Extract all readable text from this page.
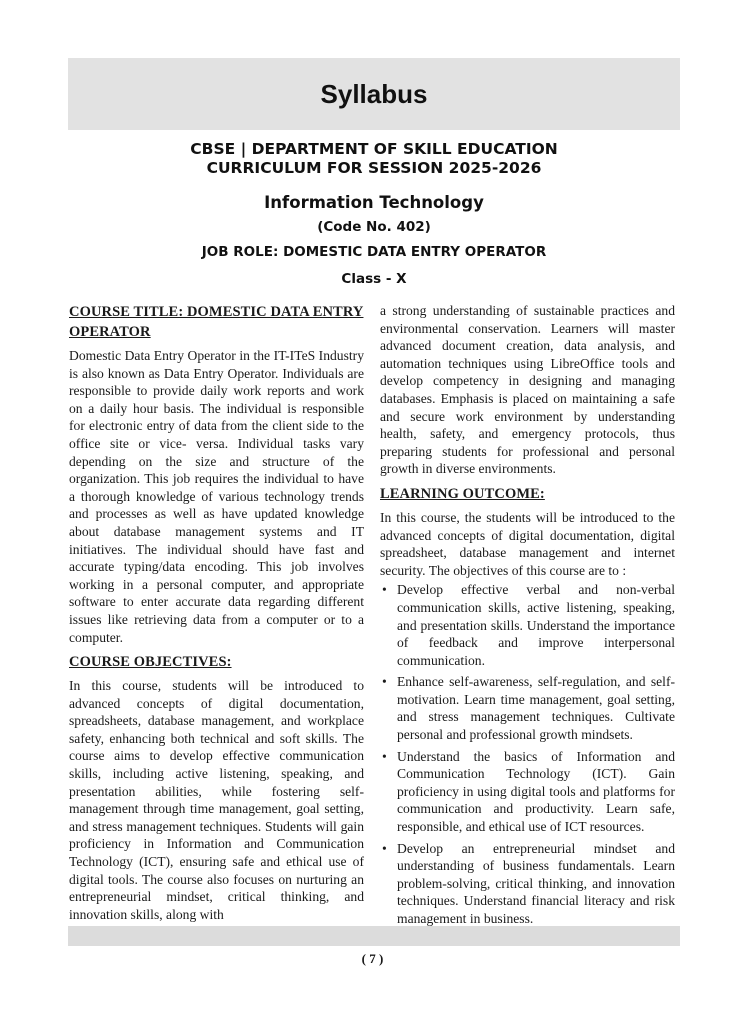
Syllabus
CBSE | DEPARTMENT OF SKILL EDUCATION
CURRICULUM FOR SESSION 2025-2026
Information Technology
(Code No. 402)
JOB ROLE: DOMESTIC DATA ENTRY OPERATOR
Class - X
COURSE TITLE: DOMESTIC DATA ENTRY OPERATOR

Domestic Data Entry Operator in the IT-ITeS Industry is also known as Data Entry Operator. Individuals are responsible to provide daily work reports and work on a daily hour basis. The individual is responsible for electronic entry of data from the client side to the office site or vice- versa. Individual tasks vary depending on the size and structure of the organization. This job requires the individual to have a thorough knowledge of various technology trends and processes as well as have updated knowledge about database management systems and IT initiatives. The individual should have fast and accurate typing/data encoding. This job involves working in a personal computer, and appropriate software to enter accurate data regarding different issues like retrieving data from a computer or to a computer.

COURSE OBJECTIVES:

In this course, students will be introduced to advanced concepts of digital documentation, spreadsheets, database management, and workplace safety, enhancing both technical and soft skills. The course aims to develop effective communication skills, including active listening, speaking, and presentation abilities, while fostering self-management through time management, goal setting, and stress management techniques. Students will gain proficiency in Information and Communication Technology (ICT), ensuring safe and ethical use of digital tools. The course also focuses on nurturing an entrepreneurial mindset, critical thinking, and innovation skills, along with

a strong understanding of sustainable practices and environmental conservation. Learners will master advanced document creation, data analysis, and automation techniques using LibreOffice tools and develop competency in designing and managing databases. Emphasis is placed on maintaining a safe and secure work environment by understanding health, safety, and emergency protocols, thus preparing students for professional and personal growth in diverse environments.

LEARNING OUTCOME:

In this course, the students will be introduced to the advanced concepts of digital documentation, digital spreadsheet, database management and internet security. The objectives of this course are to :

• Develop effective verbal and non-verbal communication skills, active listening, speaking, and presentation skills. Understand the importance of feedback and improve interpersonal communication.
• Enhance self-awareness, self-regulation, and self-motivation. Learn time management, goal setting, and stress management techniques. Cultivate personal and professional growth mindsets.
• Understand the basics of Information and Communication Technology (ICT). Gain proficiency in using digital tools and platforms for communication and productivity. Learn safe, responsible, and ethical use of ICT resources.
• Develop an entrepreneurial mindset and understanding of business fundamentals. Learn problem-solving, critical thinking, and innovation techniques. Understand financial literacy and risk management in business.
( 7 )
